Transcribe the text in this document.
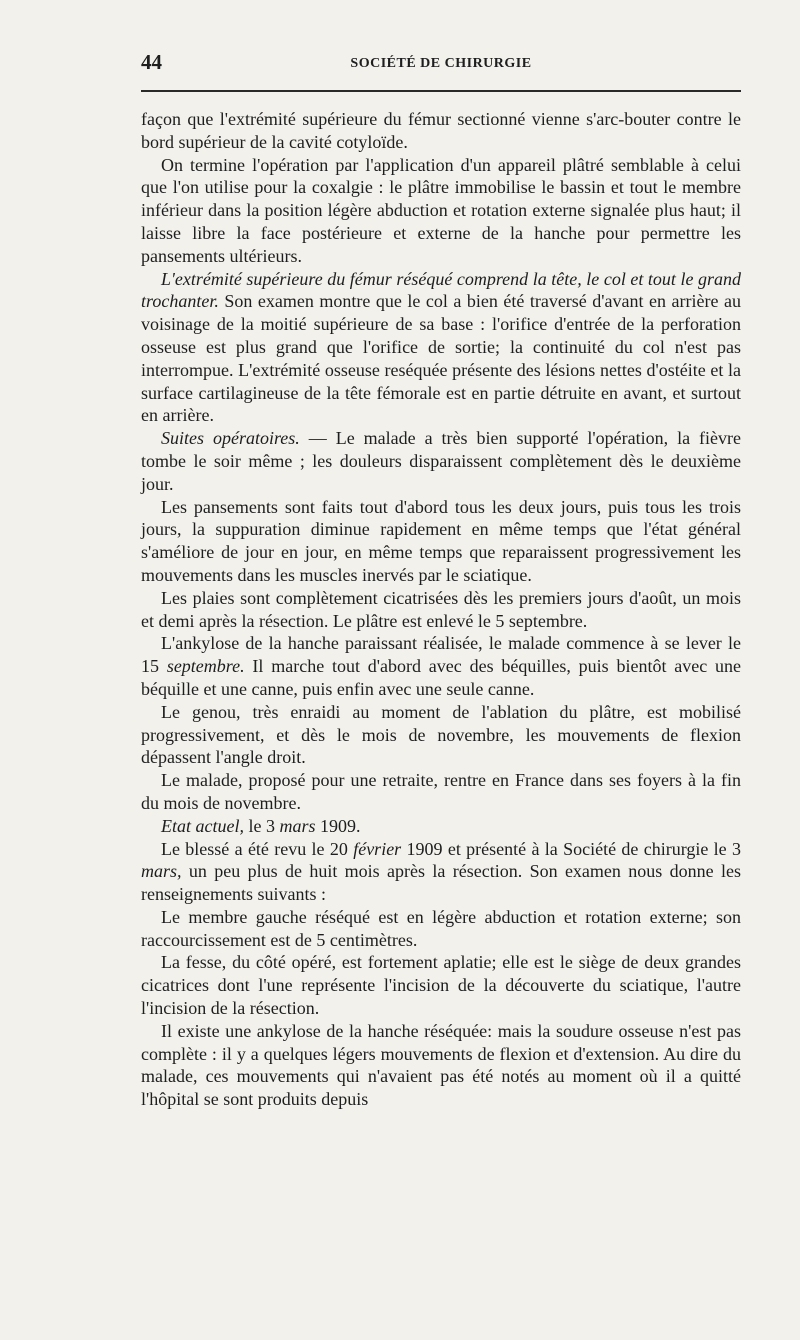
44	SOCIÉTÉ DE CHIRURGIE

façon que l'extrémité supérieure du fémur sectionné vienne s'arc-bouter contre le bord supérieur de la cavité cotyloïde.

On termine l'opération par l'application d'un appareil plâtré semblable à celui que l'on utilise pour la coxalgie : le plâtre immobilise le bassin et tout le membre inférieur dans la position légère abduction et rotation externe signalée plus haut; il laisse libre la face postérieure et externe de la hanche pour permettre les pansements ultérieurs.

L'extrémité supérieure du fémur réséqué comprend la tête, le col et tout le grand trochanter. Son examen montre que le col a bien été traversé d'avant en arrière au voisinage de la moitié supérieure de sa base : l'orifice d'entrée de la perforation osseuse est plus grand que l'orifice de sortie; la continuité du col n'est pas interrompue. L'extrémité osseuse reséquée présente des lésions nettes d'ostéite et la surface cartilagineuse de la tête fémorale est en partie détruite en avant, et surtout en arrière.

Suites opératoires. — Le malade a très bien supporté l'opération, la fièvre tombe le soir même ; les douleurs disparaissent complètement dès le deuxième jour.

Les pansements sont faits tout d'abord tous les deux jours, puis tous les trois jours, la suppuration diminue rapidement en même temps que l'état général s'améliore de jour en jour, en même temps que reparaissent progressivement les mouvements dans les muscles inervés par le sciatique.

Les plaies sont complètement cicatrisées dès les premiers jours d'août, un mois et demi après la résection. Le plâtre est enlevé le 5 septembre.

L'ankylose de la hanche paraissant réalisée, le malade commence à se lever le 15 septembre. Il marche tout d'abord avec des béquilles, puis bientôt avec une béquille et une canne, puis enfin avec une seule canne.

Le genou, très enraidi au moment de l'ablation du plâtre, est mobilisé progressivement, et dès le mois de novembre, les mouvements de flexion dépassent l'angle droit.

Le malade, proposé pour une retraite, rentre en France dans ses foyers à la fin du mois de novembre.

Etat actuel, le 3 mars 1909.

Le blessé a été revu le 20 février 1909 et présenté à la Société de chirurgie le 3 mars, un peu plus de huit mois après la résection. Son examen nous donne les renseignements suivants :

Le membre gauche réséqué est en légère abduction et rotation externe; son raccourcissement est de 5 centimètres.

La fesse, du côté opéré, est fortement aplatie; elle est le siège de deux grandes cicatrices dont l'une représente l'incision de la découverte du sciatique, l'autre l'incision de la résection.

Il existe une ankylose de la hanche réséquée: mais la soudure osseuse n'est pas complète : il y a quelques légers mouvements de flexion et d'extension. Au dire du malade, ces mouvements qui n'avaient pas été notés au moment où il a quitté l'hôpital se sont produits depuis
